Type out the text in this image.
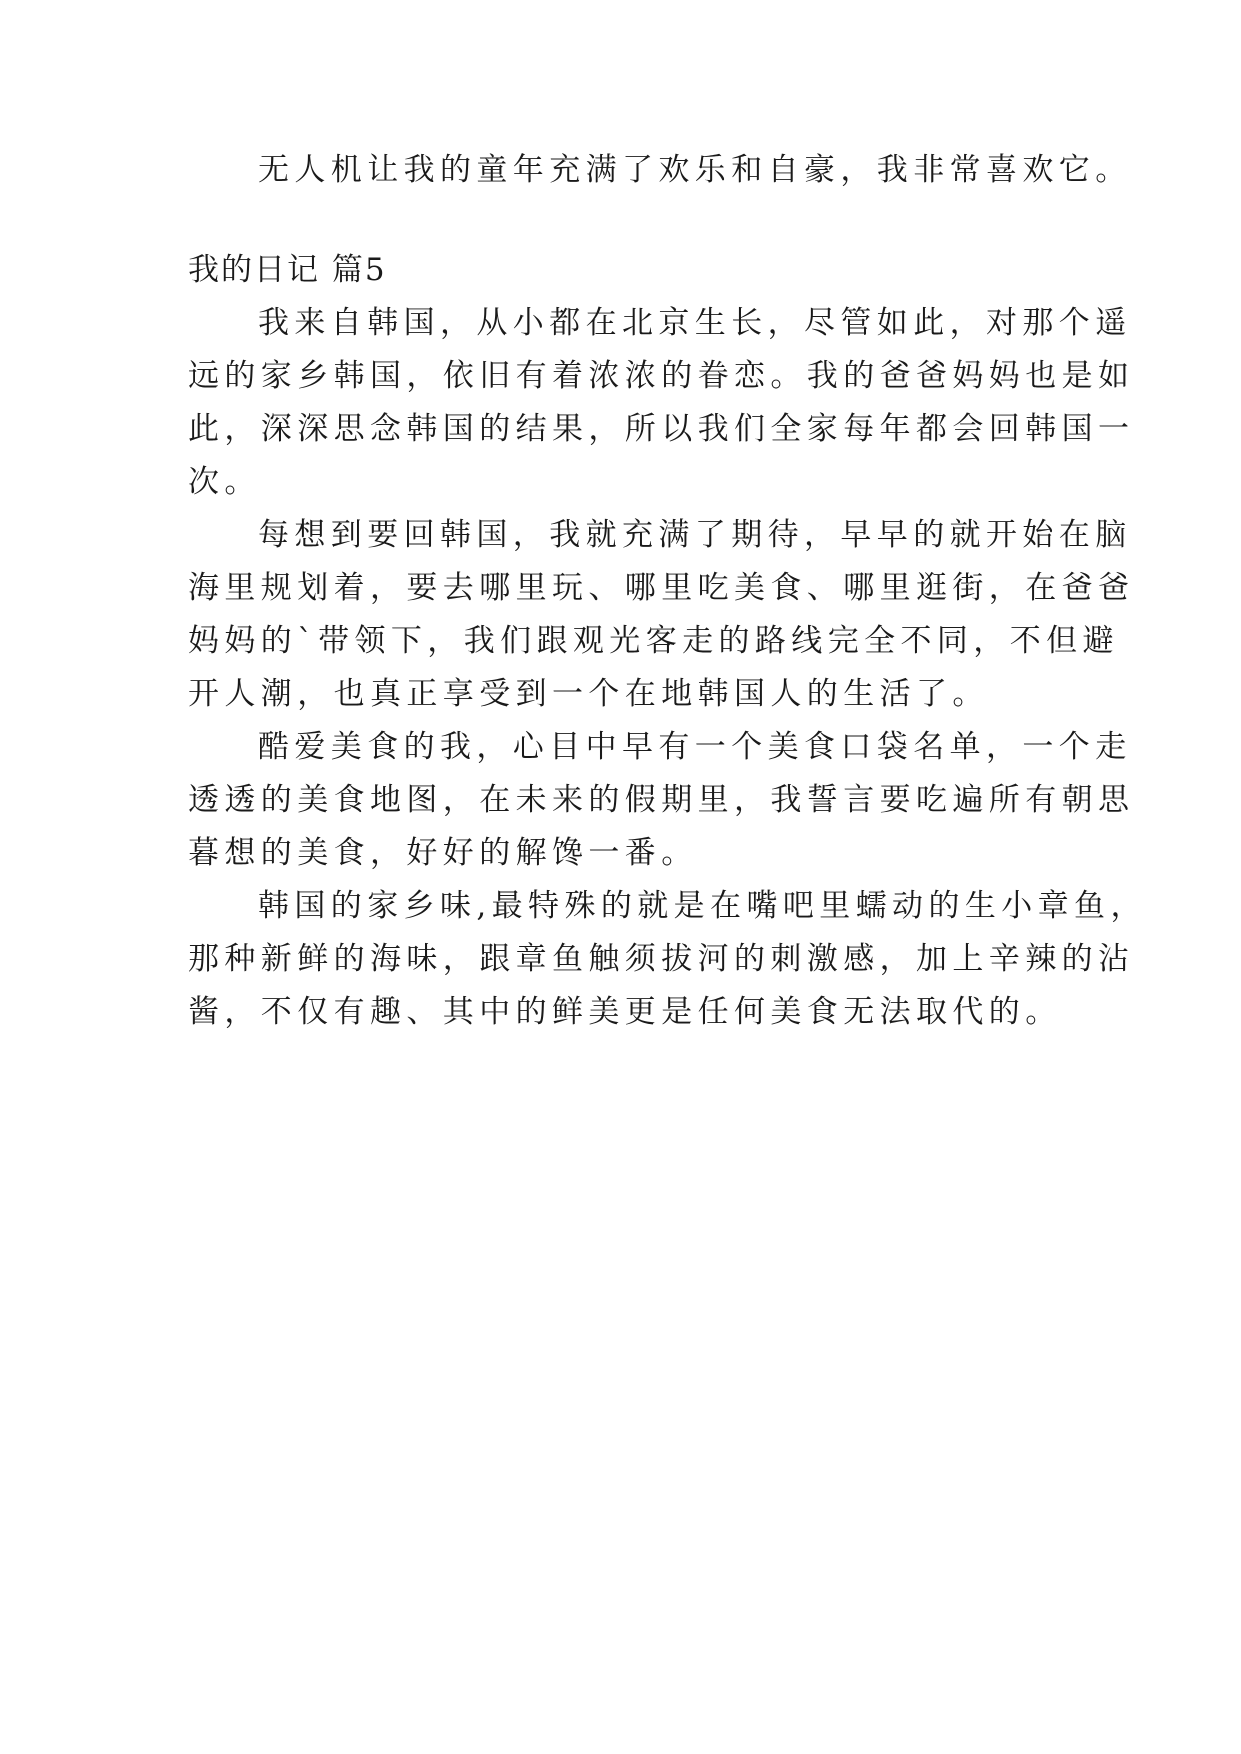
无人机让我的童年充满了欢乐和自豪，我非常喜欢它。

我的日记 篇5

我来自韩国，从小都在北京生长，尽管如此，对那个遥

远的家乡韩国，依旧有着浓浓的眷恋。我的爸爸妈妈也是如

此，深深思念韩国的结果，所以我们全家每年都会回韩国一

次。

每想到要回韩国，我就充满了期待，早早的就开始在脑

海里规划着，要去哪里玩、哪里吃美食、哪里逛街，在爸爸

妈妈的`带领下，我们跟观光客走的路线完全不同，不但避

开人潮，也真正享受到一个在地韩国人的生活了。

酷爱美食的我，心目中早有一个美食口袋名单，一个走

透透的美食地图，在未来的假期里，我誓言要吃遍所有朝思

暮想的美食，好好的解馋一番。

韩国的家乡味,最特殊的就是在嘴吧里蠕动的生小章鱼，

那种新鲜的海味，跟章鱼触须拔河的刺激感，加上辛辣的沾

酱，不仅有趣、其中的鲜美更是任何美食无法取代的。
